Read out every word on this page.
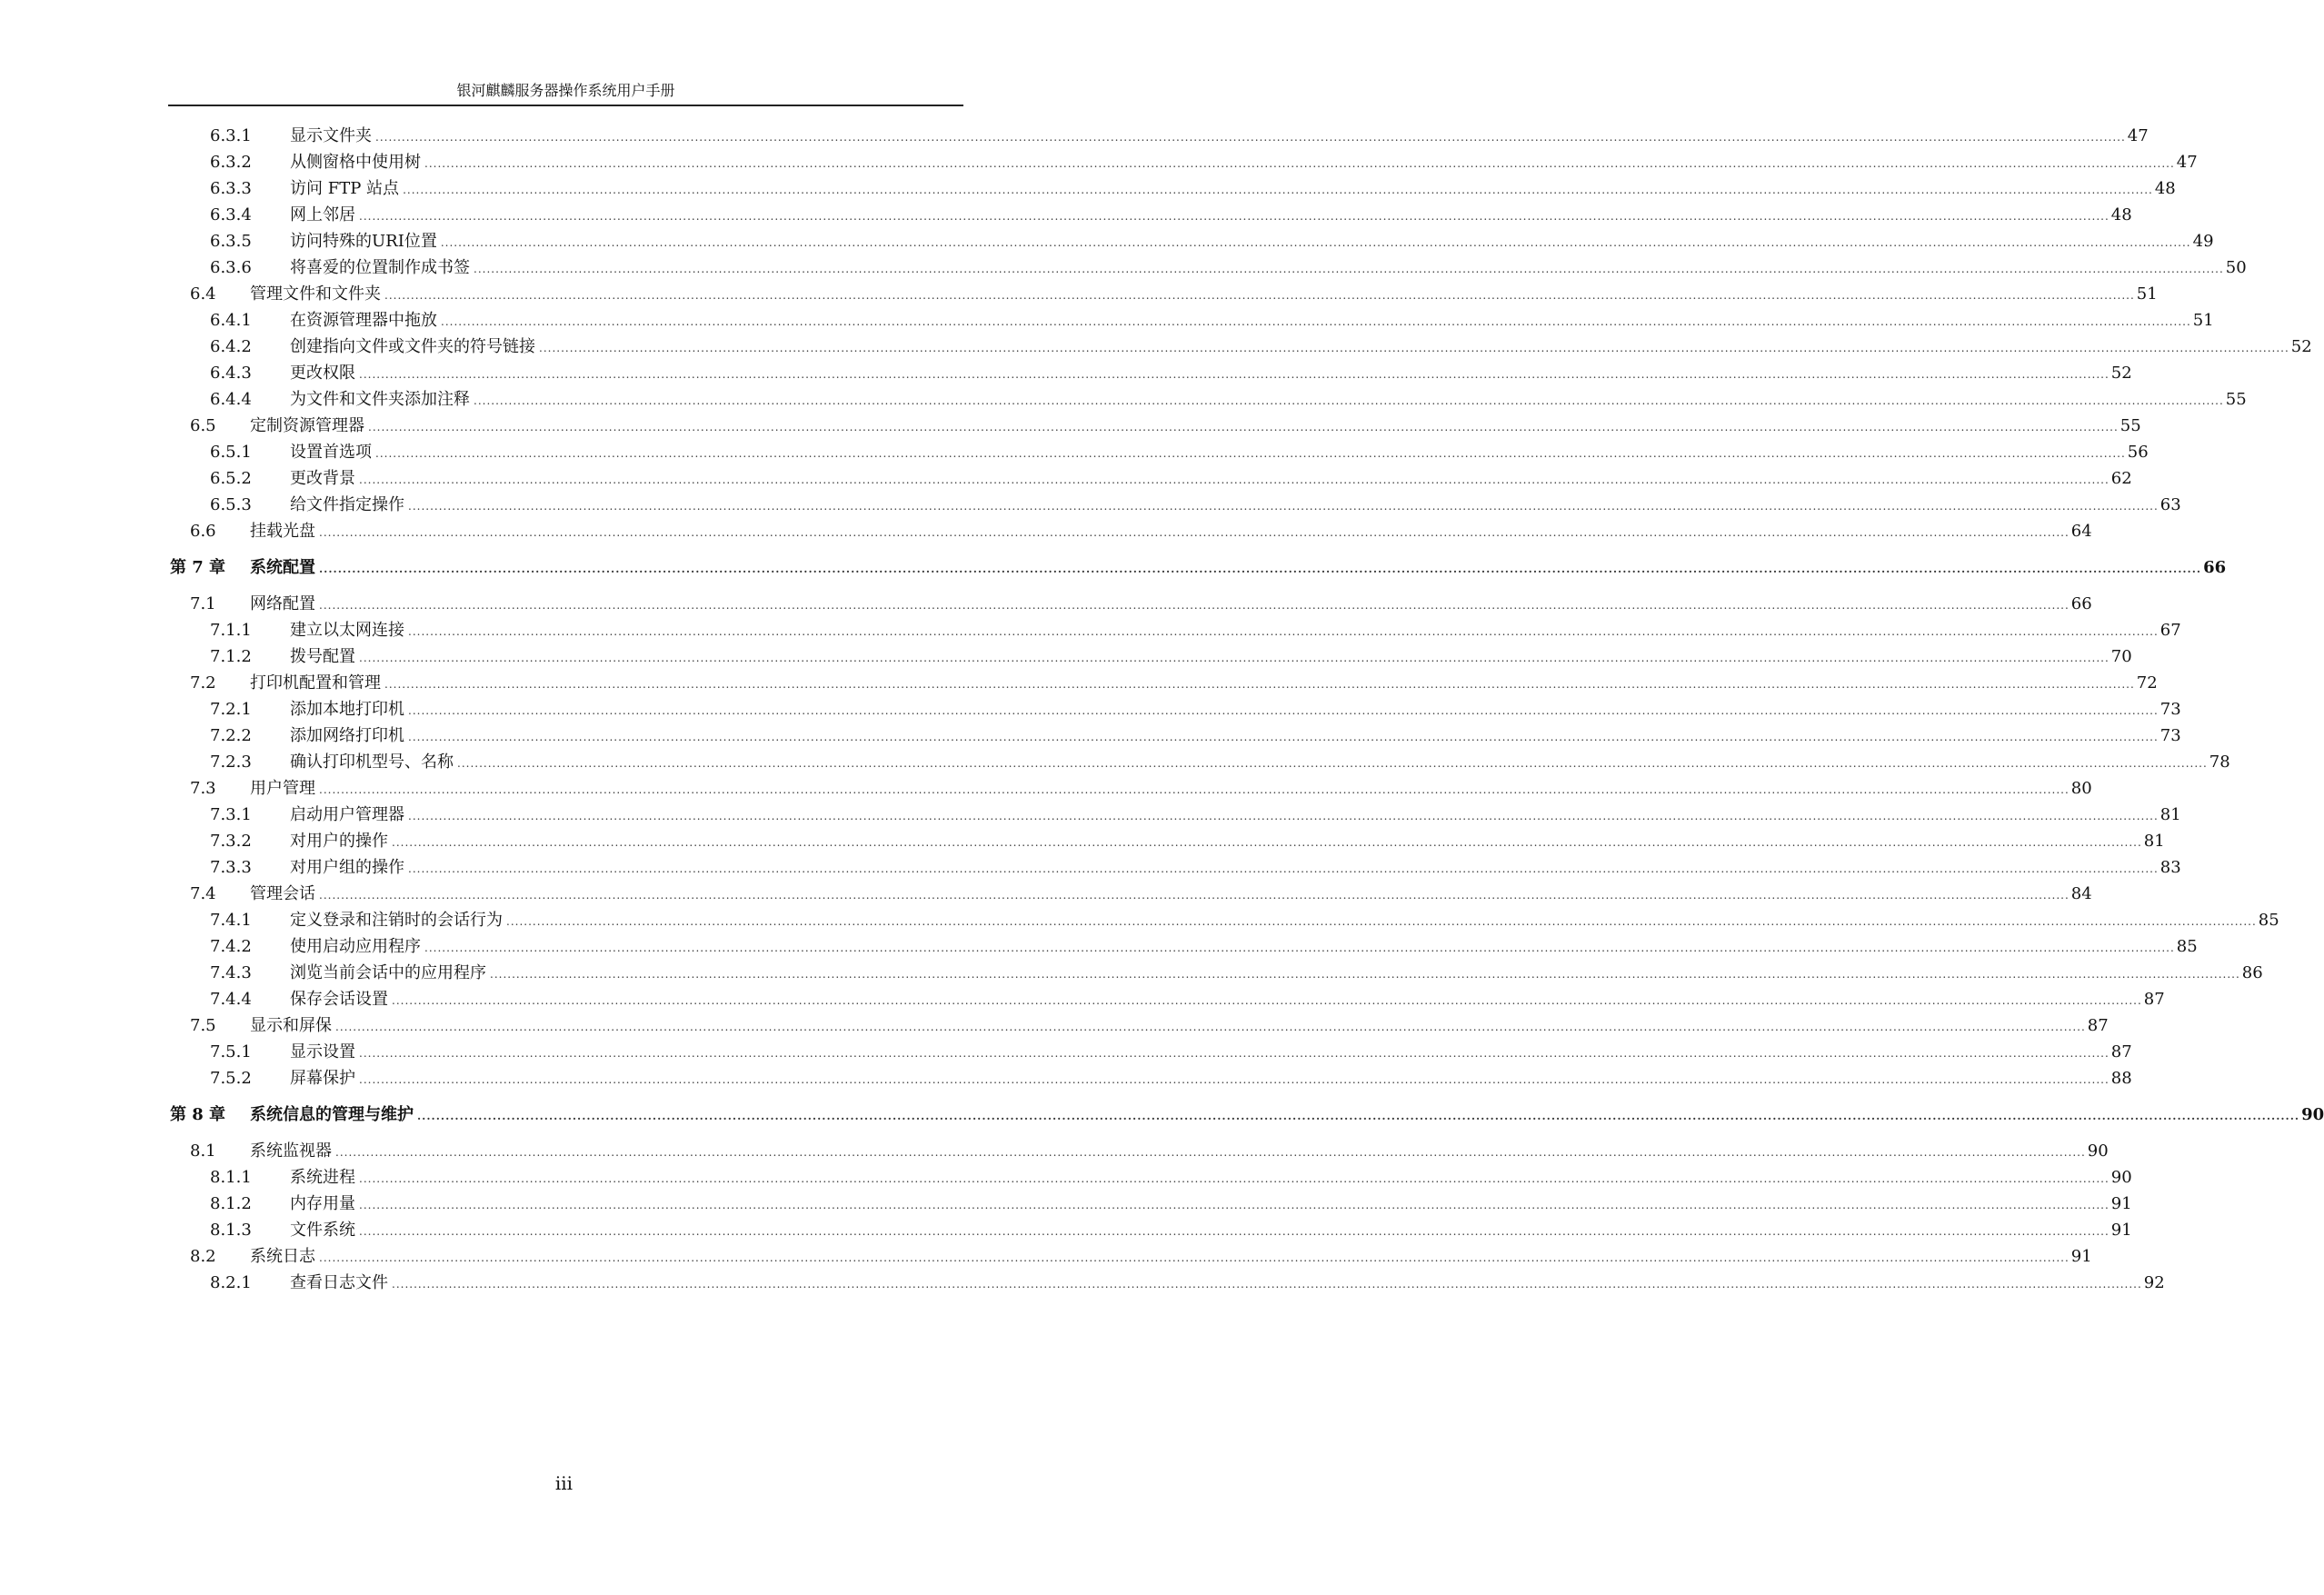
银河麒麟服务器操作系统用户手册
6.3.1 显示文件夹 ................................................................................................................................................................................................................................................................................................................................................................................................................ 47
6.3.2 从侧窗格中使用树 ................................................................................................................................................................................................................................................................................................................................................................................................................ 47
6.3.3 访问 FTP 站点 ................................................................................................................................................................................................................................................................................................................................................................................................................ 48
6.3.4 网上邻居 ................................................................................................................................................................................................................................................................................................................................................................................................................ 48
6.3.5 访问特殊的URI位置 ................................................................................................................................................................................................................................................................................................................................................................................................................ 49
6.3.6 将喜爱的位置制作成书签 ................................................................................................................................................................................................................................................................................................................................................................................................................ 50
6.4 管理文件和文件夹 ................................................................................................................................................................................................................................................................................................................................................................................................................ 51
6.4.1 在资源管理器中拖放 ................................................................................................................................................................................................................................................................................................................................................................................................................ 51
6.4.2 创建指向文件或文件夹的符号链接 ................................................................................................................................................................................................................................................................................................................................................................................................................ 52
6.4.3 更改权限 ................................................................................................................................................................................................................................................................................................................................................................................................................ 52
6.4.4 为文件和文件夹添加注释 ................................................................................................................................................................................................................................................................................................................................................................................................................ 55
6.5 定制资源管理器 ................................................................................................................................................................................................................................................................................................................................................................................................................ 55
6.5.1 设置首选项 ................................................................................................................................................................................................................................................................................................................................................................................................................ 56
6.5.2 更改背景 ................................................................................................................................................................................................................................................................................................................................................................................................................ 62
6.5.3 给文件指定操作 ................................................................................................................................................................................................................................................................................................................................................................................................................ 63
6.6 挂载光盘 ................................................................................................................................................................................................................................................................................................................................................................................................................ 64
第 7 章 系统配置 ................................................................................................................................................................................................................................................................................................................................................................................................................ 66
7.1 网络配置 ................................................................................................................................................................................................................................................................................................................................................................................................................ 66
7.1.1 建立以太网连接 ................................................................................................................................................................................................................................................................................................................................................................................................................ 67
7.1.2 拨号配置 ................................................................................................................................................................................................................................................................................................................................................................................................................ 70
7.2 打印机配置和管理 ................................................................................................................................................................................................................................................................................................................................................................................................................ 72
7.2.1 添加本地打印机 ................................................................................................................................................................................................................................................................................................................................................................................................................ 73
7.2.2 添加网络打印机 ................................................................................................................................................................................................................................................................................................................................................................................................................ 73
7.2.3 确认打印机型号、名称 ................................................................................................................................................................................................................................................................................................................................................................................................................ 78
7.3 用户管理 ................................................................................................................................................................................................................................................................................................................................................................................................................ 80
7.3.1 启动用户管理器 ................................................................................................................................................................................................................................................................................................................................................................................................................ 81
7.3.2 对用户的操作 ................................................................................................................................................................................................................................................................................................................................................................................................................ 81
7.3.3 对用户组的操作 ................................................................................................................................................................................................................................................................................................................................................................................................................ 83
7.4 管理会话 ................................................................................................................................................................................................................................................................................................................................................................................................................ 84
7.4.1 定义登录和注销时的会话行为 ................................................................................................................................................................................................................................................................................................................................................................................................................ 85
7.4.2 使用启动应用程序 ................................................................................................................................................................................................................................................................................................................................................................................................................ 85
7.4.3 浏览当前会话中的应用程序 ................................................................................................................................................................................................................................................................................................................................................................................................................ 86
7.4.4 保存会话设置 ................................................................................................................................................................................................................................................................................................................................................................................................................ 87
7.5 显示和屏保 ................................................................................................................................................................................................................................................................................................................................................................................................................ 87
7.5.1 显示设置 ................................................................................................................................................................................................................................................................................................................................................................................................................ 87
7.5.2 屏幕保护 ................................................................................................................................................................................................................................................................................................................................................................................................................ 88
第 8 章 系统信息的管理与维护 ................................................................................................................................................................................................................................................................................................................................................................................................................ 90
8.1 系统监视器 ................................................................................................................................................................................................................................................................................................................................................................................................................ 90
8.1.1 系统进程 ................................................................................................................................................................................................................................................................................................................................................................................................................ 90
8.1.2 内存用量 ................................................................................................................................................................................................................................................................................................................................................................................................................ 91
8.1.3 文件系统 ................................................................................................................................................................................................................................................................................................................................................................................................................ 91
8.2 系统日志 ................................................................................................................................................................................................................................................................................................................................................................................................................ 91
8.2.1 查看日志文件 ................................................................................................................................................................................................................................................................................................................................................................................................................ 92
iii
